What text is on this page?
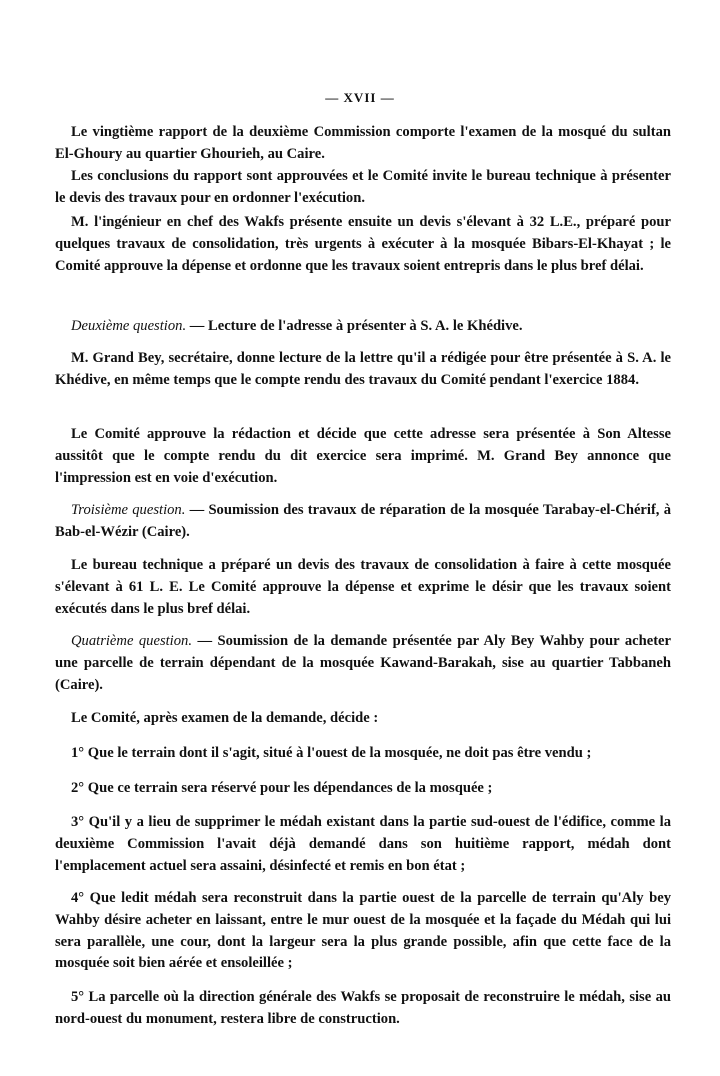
— XVII —

Le vingtième rapport de la deuxième Commission comporte l'examen de la mosqué du sultan El-Ghoury au quartier Ghourieh, au Caire.

Les conclusions du rapport sont approuvées et le Comité invite le bureau technique à présenter le devis des travaux pour en ordonner l'exécution.

M. l'ingénieur en chef des Wakfs présente ensuite un devis s'élevant à 32 L.E., préparé pour quelques travaux de consolidation, très urgents à exécuter à la mosquée Bibars-El-Khayat ; le Comité approuve la dépense et ordonne que les travaux soient entrepris dans le plus bref délai.

Deuxième question. — Lecture de l'adresse à présenter à S. A. le Khédive.

M. Grand Bey, secrétaire, donne lecture de la lettre qu'il a rédigée pour être présentée à S. A. le Khédive, en même temps que le compte rendu des travaux du Comité pendant l'exercice 1884.

Le Comité approuve la rédaction et décide que cette adresse sera présentée à Son Altesse aussitôt que le compte rendu du dit exercice sera imprimé. M. Grand Bey annonce que l'impression est en voie d'exécution.

Troisième question. — Soumission des travaux de réparation de la mosquée Tarabay-el-Chérif, à Bab-el-Wézir (Caire).

Le bureau technique a préparé un devis des travaux de consolidation à faire à cette mosquée s'élevant à 61 L. E. Le Comité approuve la dépense et exprime le désir que les travaux soient exécutés dans le plus bref délai.

Quatrième question. — Soumission de la demande présentée par Aly Bey Wahby pour acheter une parcelle de terrain dépendant de la mosquée Kawand-Barakah, sise au quartier Tabbaneh (Caire).

Le Comité, après examen de la demande, décide :

1° Que le terrain dont il s'agit, situé à l'ouest de la mosquée, ne doit pas être vendu ;

2° Que ce terrain sera réservé pour les dépendances de la mosquée ;

3° Qu'il y a lieu de supprimer le médah existant dans la partie sud-ouest de l'édifice, comme la deuxième Commission l'avait déjà demandé dans son huitième rapport, médah dont l'emplacement actuel sera assaini, désinfecté et remis en bon état ;

4° Que ledit médah sera reconstruit dans la partie ouest de la parcelle de terrain qu'Aly bey Wahby désire acheter en laissant, entre le mur ouest de la mosquée et la façade du Médah qui lui sera parallèle, une cour, dont la largeur sera la plus grande possible, afin que cette face de la mosquée soit bien aérée et ensoleillée ;

5° La parcelle où la direction générale des Wakfs se proposait de reconstruire le médah, sise au nord-ouest du monument, restera libre de construction.
